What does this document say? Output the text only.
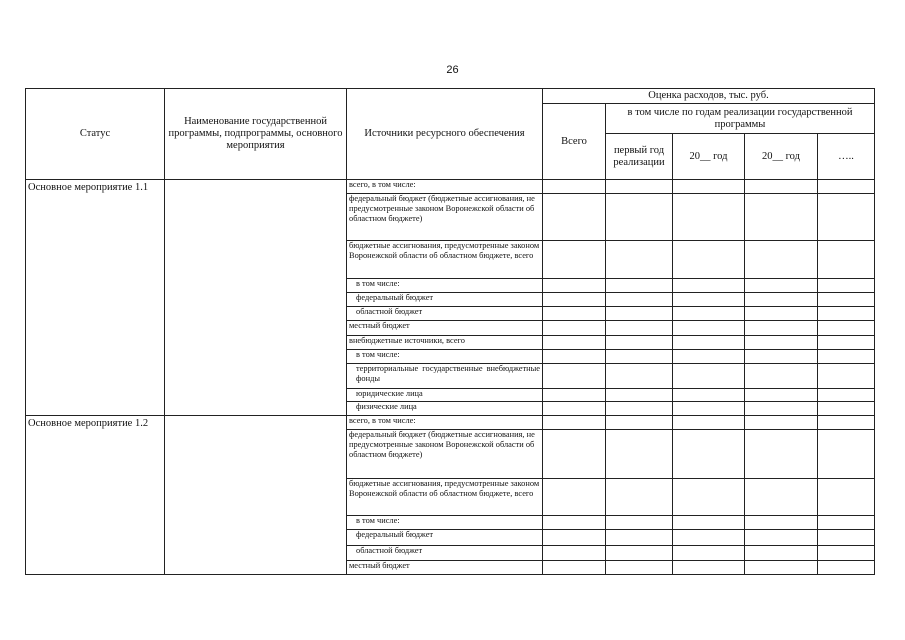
26
Статус	Наименование государственной программы, подпрограммы, основного мероприятия	Источники ресурсного обеспечения	Оценка расходов, тыс. руб.				
			Всего	в том числе по годам реализации государственной программы			
				первый год реализации	20__ год	20__ год	…..
Основное мероприятие 1.1		всего, в том числе:					
		федеральный бюджет (бюджетные ассигнования, не предусмотренные законом Воронежской области об областном бюджете)					
		бюджетные ассигнования, предусмотренные законом Воронежской области об областном бюджете, всего					
		в том числе:					
		федеральный бюджет					
		областной бюджет					
		местный бюджет					
		внебюджетные источники, всего					
		в том числе:					
		территориальные государственные внебюджетные фонды					
		юридические лица					
		физические лица					
Основное мероприятие 1.2		всего, в том числе:					
		федеральный бюджет (бюджетные ассигнования, не предусмотренные законом Воронежской области об областном бюджете)					
		бюджетные ассигнования, предусмотренные законом Воронежской области об областном бюджете, всего					
		в том числе:					
		федеральный бюджет					
		областной бюджет					
		местный бюджет					
